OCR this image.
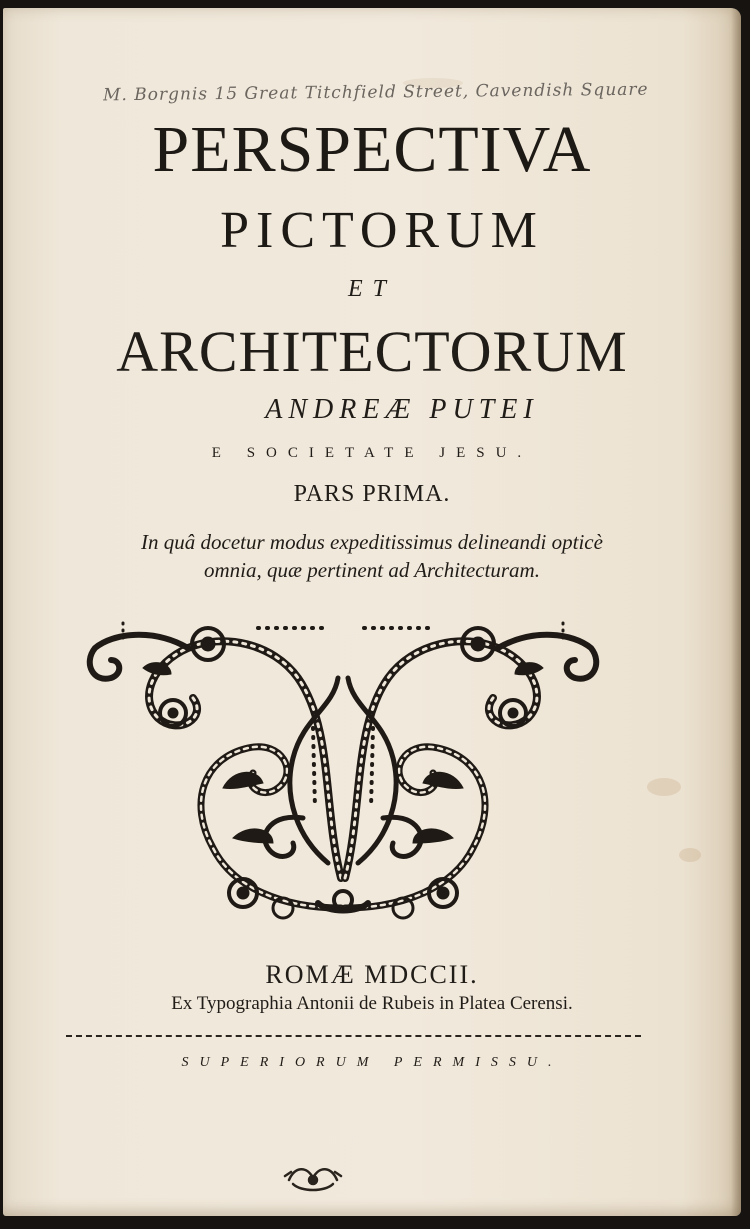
M. Borgnis 15 Great Titchfield Street, Cavendish Square
PERSPECTIVA
PICTORUM
ET
ARCHITECTORUM
ANDREÆ PUTEI
E SOCIETATE JESU.
PARS PRIMA.
In quâ docetur modus expeditissimus delineandi opticè
omnia, quæ pertinent ad Architecturam.
ROMÆ MDCCII.
Ex Typographia Antonii de Rubeis in Platea Cerensi.
SUPERIORUM PERMISSU.
